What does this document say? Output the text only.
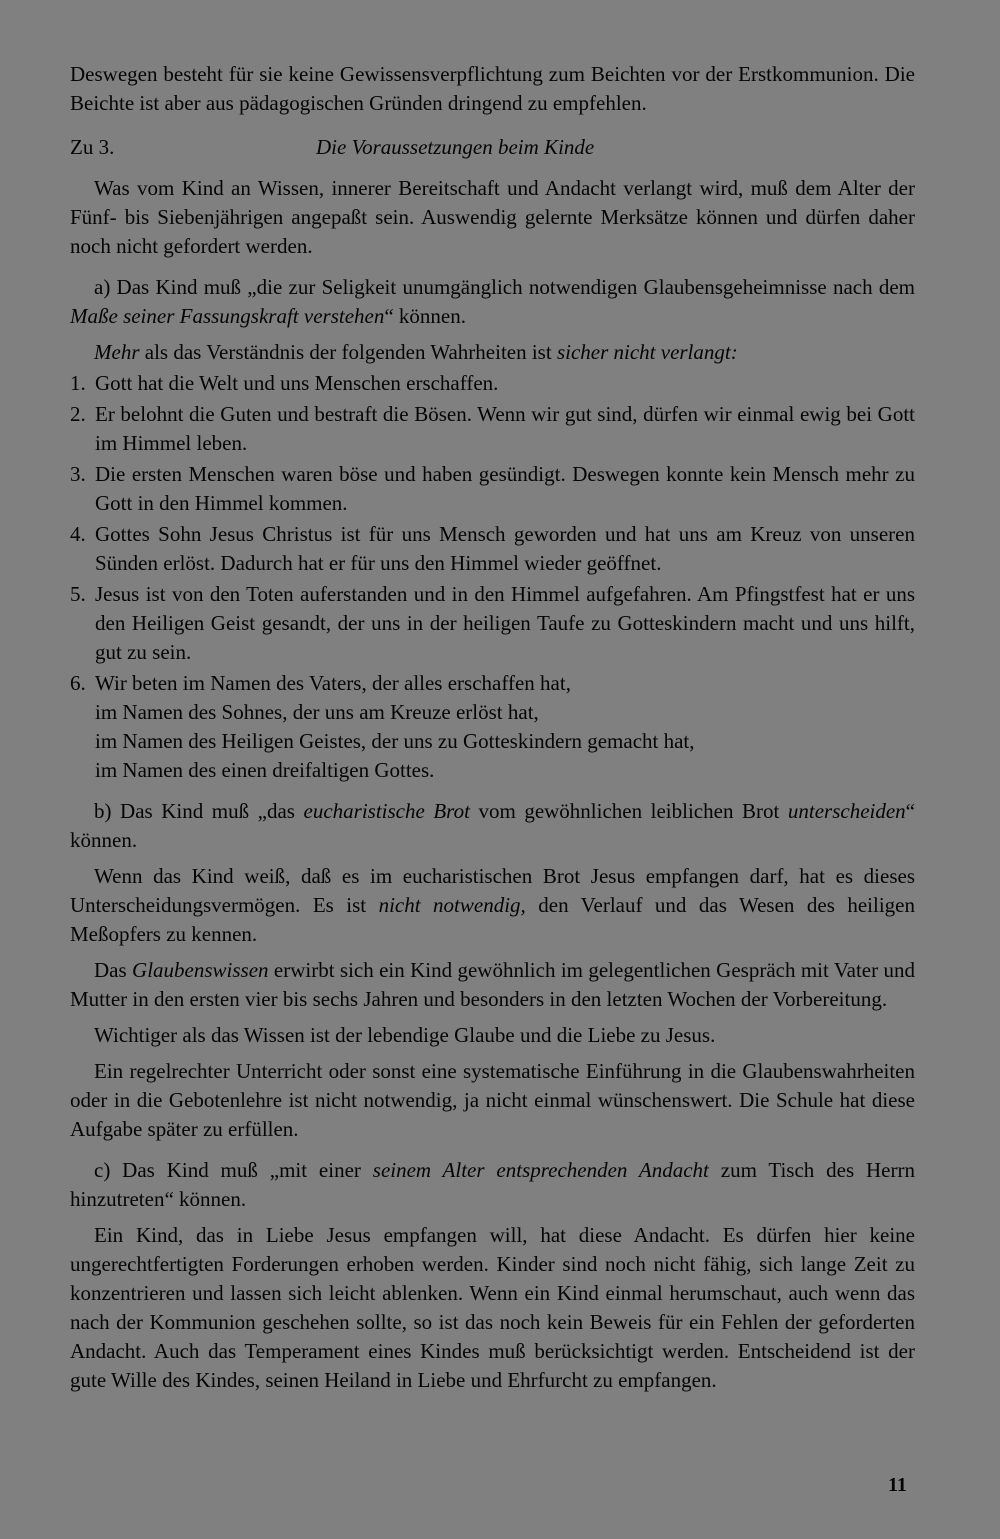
Deswegen besteht für sie keine Gewissensverpflichtung zum Beichten vor der Erstkommunion. Die Beichte ist aber aus pädagogischen Gründen dringend zu empfehlen.

Zu 3.	Die Voraussetzungen beim Kinde

Was vom Kind an Wissen, innerer Bereitschaft und Andacht verlangt wird, muß dem Alter der Fünf- bis Siebenjährigen angepaßt sein. Auswendig gelernte Merksätze können und dürfen daher noch nicht gefordert werden.

a) Das Kind muß „die zur Seligkeit unumgänglich notwendigen Glaubensgeheimnisse nach dem Maße seiner Fassungskraft verstehen“ können.

Mehr als das Verständnis der folgenden Wahrheiten ist sicher nicht verlangt:

1. Gott hat die Welt und uns Menschen erschaffen.
2. Er belohnt die Guten und bestraft die Bösen. Wenn wir gut sind, dürfen wir einmal ewig bei Gott im Himmel leben.
3. Die ersten Menschen waren böse und haben gesündigt. Deswegen konnte kein Mensch mehr zu Gott in den Himmel kommen.
4. Gottes Sohn Jesus Christus ist für uns Mensch geworden und hat uns am Kreuz von unseren Sünden erlöst. Dadurch hat er für uns den Himmel wieder geöffnet.
5. Jesus ist von den Toten auferstanden und in den Himmel aufgefahren. Am Pfingstfest hat er uns den Heiligen Geist gesandt, der uns in der heiligen Taufe zu Gotteskindern macht und uns hilft, gut zu sein.
6. Wir beten im Namen des Vaters, der alles erschaffen hat,
im Namen des Sohnes, der uns am Kreuze erlöst hat,
im Namen des Heiligen Geistes, der uns zu Gotteskindern gemacht hat,
im Namen des einen dreifaltigen Gottes.

b) Das Kind muß „das eucharistische Brot vom gewöhnlichen leiblichen Brot unterscheiden“ können.

Wenn das Kind weiß, daß es im eucharistischen Brot Jesus empfangen darf, hat es dieses Unterscheidungsvermögen. Es ist nicht notwendig, den Verlauf und das Wesen des heiligen Meßopfers zu kennen.

Das Glaubenswissen erwirbt sich ein Kind gewöhnlich im gelegentlichen Gespräch mit Vater und Mutter in den ersten vier bis sechs Jahren und besonders in den letzten Wochen der Vorbereitung.

Wichtiger als das Wissen ist der lebendige Glaube und die Liebe zu Jesus.

Ein regelrechter Unterricht oder sonst eine systematische Einführung in die Glaubenswahrheiten oder in die Gebotenlehre ist nicht notwendig, ja nicht einmal wünschenswert. Die Schule hat diese Aufgabe später zu erfüllen.

c) Das Kind muß „mit einer seinem Alter entsprechenden Andacht zum Tisch des Herrn hinzutreten“ können.

Ein Kind, das in Liebe Jesus empfangen will, hat diese Andacht. Es dürfen hier keine ungerechtfertigten Forderungen erhoben werden. Kinder sind noch nicht fähig, sich lange Zeit zu konzentrieren und lassen sich leicht ablenken. Wenn ein Kind einmal herumschaut, auch wenn das nach der Kommunion geschehen sollte, so ist das noch kein Beweis für ein Fehlen der geforderten Andacht. Auch das Temperament eines Kindes muß berücksichtigt werden. Entscheidend ist der gute Wille des Kindes, seinen Heiland in Liebe und Ehrfurcht zu empfangen.

11
